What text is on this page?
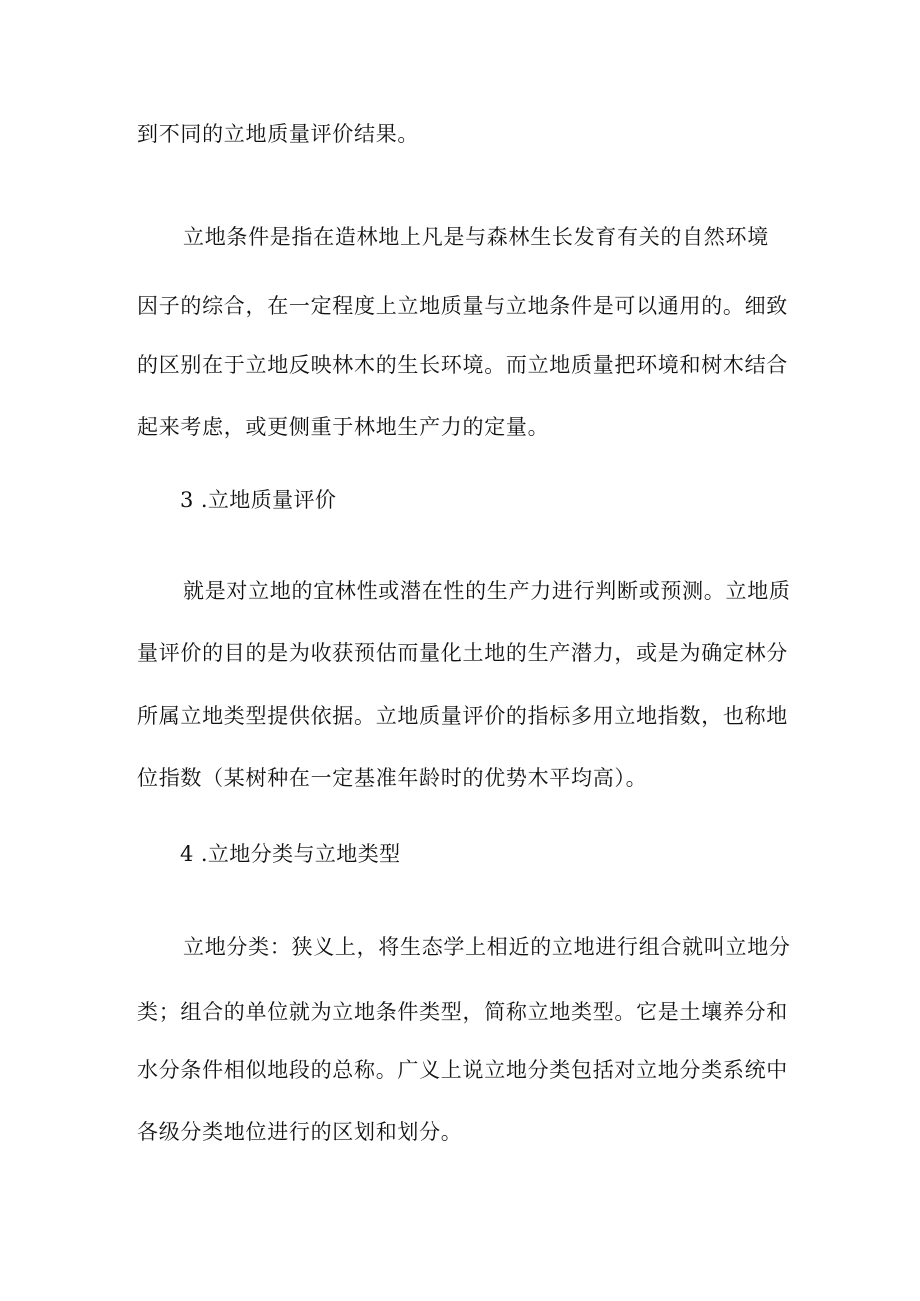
到不同的立地质量评价结果。
立地条件是指在造林地上凡是与森林生长发育有关的自然环境
因子的综合，在一定程度上立地质量与立地条件是可以通用的。细致
的区别在于立地反映林木的生长环境。而立地质量把环境和树木结合
起来考虑，或更侧重于林地生产力的定量。
3 .立地质量评价
就是对立地的宜林性或潜在性的生产力进行判断或预测。立地质
量评价的目的是为收获预估而量化土地的生产潜力，或是为确定林分
所属立地类型提供依据。立地质量评价的指标多用立地指数，也称地
位指数（某树种在一定基准年龄时的优势木平均高）。
4 .立地分类与立地类型
立地分类：狭义上，将生态学上相近的立地进行组合就叫立地分
类；组合的单位就为立地条件类型，简称立地类型。它是土壤养分和
水分条件相似地段的总称。广义上说立地分类包括对立地分类系统中
各级分类地位进行的区划和划分。
